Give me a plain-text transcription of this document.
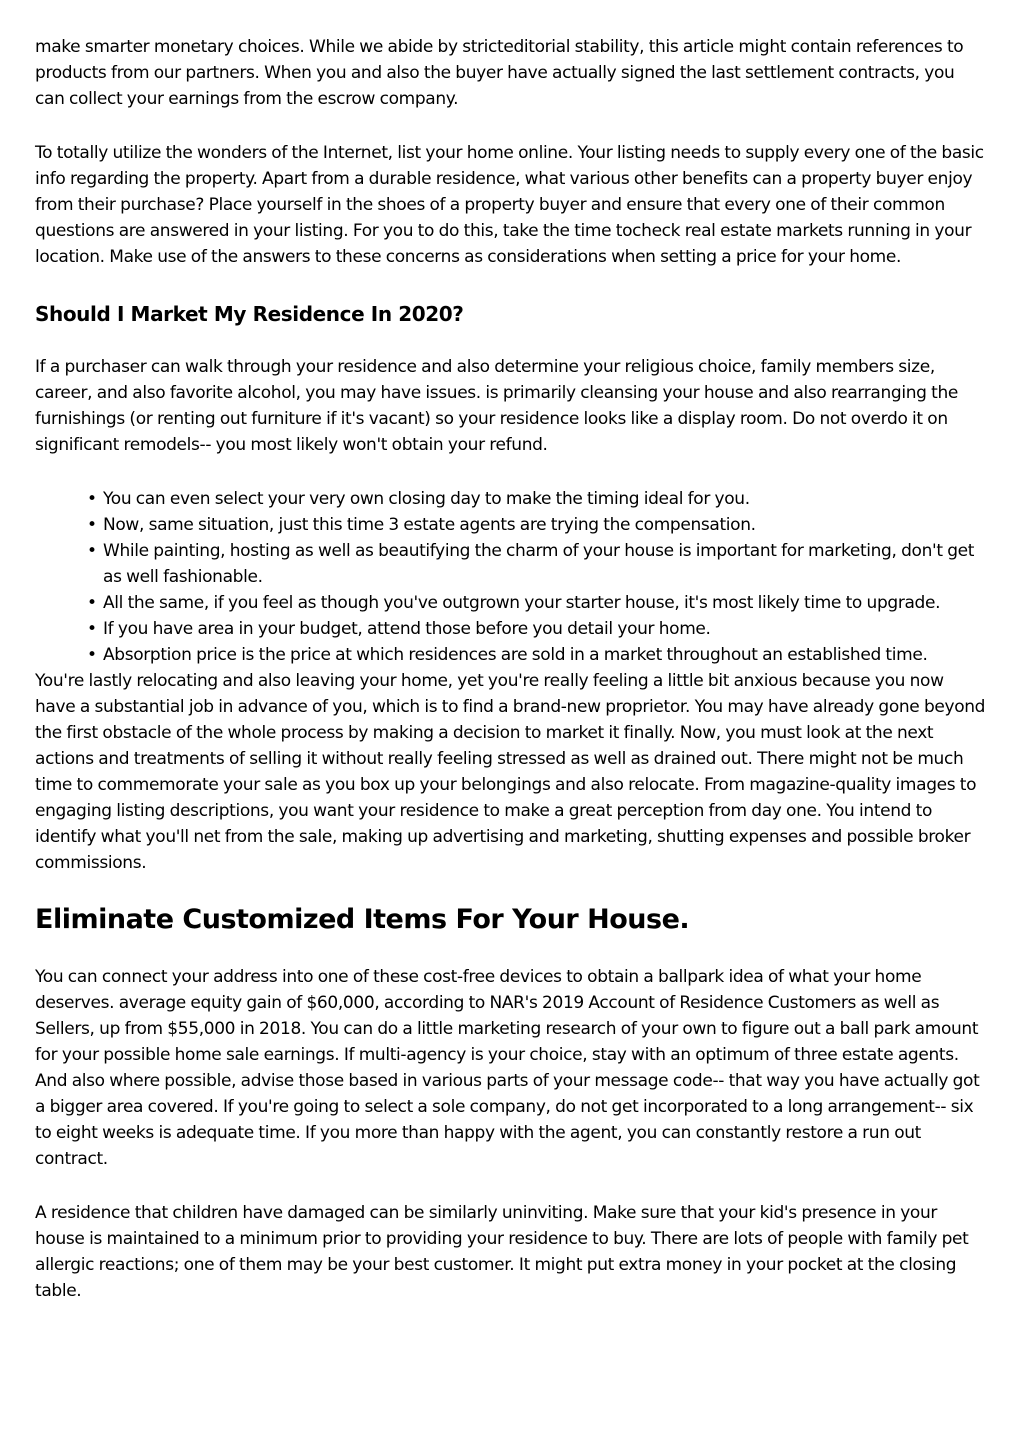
make smarter monetary choices. While we abide by stricteditorial stability, this article might contain references to products from our partners. When you and also the buyer have actually signed the last settlement contracts, you can collect your earnings from the escrow company.

To totally utilize the wonders of the Internet, list your home online. Your listing needs to supply every one of the basic info regarding the property. Apart from a durable residence, what various other benefits can a property buyer enjoy from their purchase? Place yourself in the shoes of a property buyer and ensure that every one of their common questions are answered in your listing. For you to do this, take the time tocheck real estate markets running in your location. Make use of the answers to these concerns as considerations when setting a price for your home.

Should I Market My Residence In 2020?

If a purchaser can walk through your residence and also determine your religious choice, family members size, career, and also favorite alcohol, you may have issues. is primarily cleansing your house and also rearranging the furnishings (or renting out furniture if it's vacant) so your residence looks like a display room. Do not overdo it on significant remodels-- you most likely won't obtain your refund.

• You can even select your very own closing day to make the timing ideal for you.
• Now, same situation, just this time 3 estate agents are trying the compensation.
• While painting, hosting as well as beautifying the charm of your house is important for marketing, don't get as well fashionable.
• All the same, if you feel as though you've outgrown your starter house, it's most likely time to upgrade.
• If you have area in your budget, attend those before you detail your home.
• Absorption price is the price at which residences are sold in a market throughout an established time.

You're lastly relocating and also leaving your home, yet you're really feeling a little bit anxious because you now have a substantial job in advance of you, which is to find a brand-new proprietor. You may have already gone beyond the first obstacle of the whole process by making a decision to market it finally. Now, you must look at the next actions and treatments of selling it without really feeling stressed as well as drained out. There might not be much time to commemorate your sale as you box up your belongings and also relocate. From magazine-quality images to engaging listing descriptions, you want your residence to make a great perception from day one. You intend to identify what you'll net from the sale, making up advertising and marketing, shutting expenses and possible broker commissions.

Eliminate Customized Items For Your House.

You can connect your address into one of these cost-free devices to obtain a ballpark idea of what your home deserves. average equity gain of $60,000, according to NAR's 2019 Account of Residence Customers as well as Sellers, up from $55,000 in 2018. You can do a little marketing research of your own to figure out a ball park amount for your possible home sale earnings. If multi-agency is your choice, stay with an optimum of three estate agents. And also where possible, advise those based in various parts of your message code-- that way you have actually got a bigger area covered. If you're going to select a sole company, do not get incorporated to a long arrangement-- six to eight weeks is adequate time. If you more than happy with the agent, you can constantly restore a run out contract.

A residence that children have damaged can be similarly uninviting. Make sure that your kid's presence in your house is maintained to a minimum prior to providing your residence to buy. There are lots of people with family pet allergic reactions; one of them may be your best customer. It might put extra money in your pocket at the closing table.
